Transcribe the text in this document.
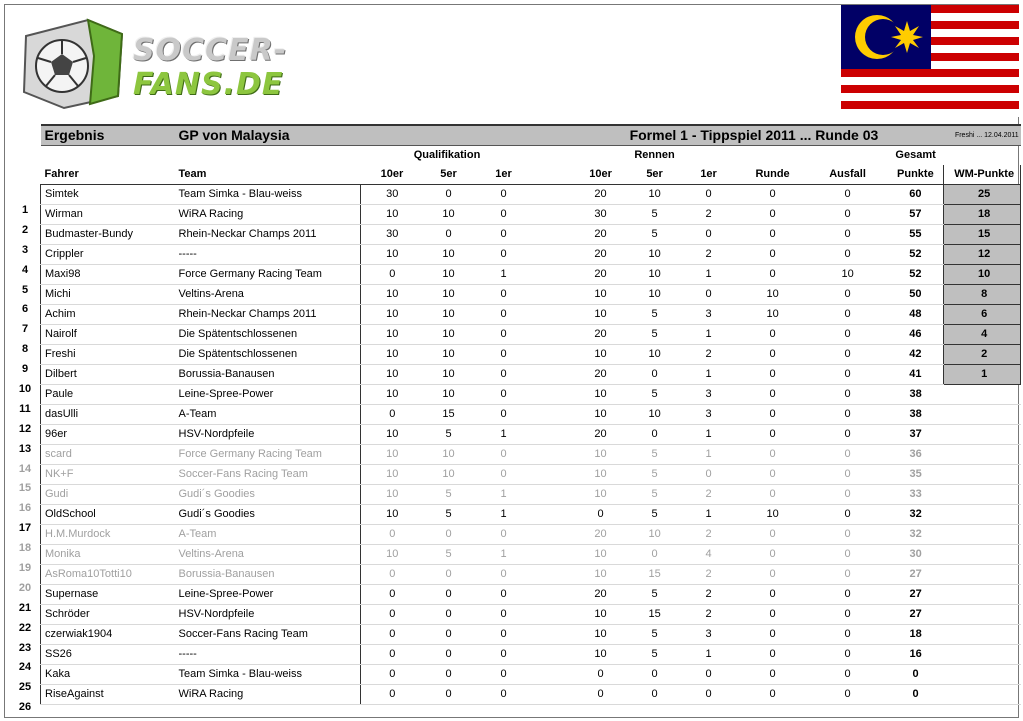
SOCCER-
FANS.DE
1
2
3
4
5
6
7
8
9
10
11
12
13
14
15
16
17
18
19
20
21
22
23
24
25
26
Ergebnis	GP von Malaysia						Formel 1 - Tippspiel 2011 ... Runde 03					Freshi ... 12.04.2011
		Qualifikation				Rennen					Gesamt	
Fahrer	Team	10er	5er	1er		10er	5er	1er	Runde	Ausfall	Punkte	WM-Punkte
Simtek	Team Simka - Blau-weiss	30	0	0		20	10	0	0	0	60	25
Wirman	WiRA Racing	10	10	0		30	5	2	0	0	57	18
Budmaster-Bundy	Rhein-Neckar Champs 2011	30	0	0		20	5	0	0	0	55	15
Crippler	-----	10	10	0		20	10	2	0	0	52	12
Maxi98	Force Germany Racing Team	0	10	1		20	10	1	0	10	52	10
Michi	Veltins-Arena	10	10	0		10	10	0	10	0	50	8
Achim	Rhein-Neckar Champs 2011	10	10	0		10	5	3	10	0	48	6
Nairolf	Die Spätentschlossenen	10	10	0		20	5	1	0	0	46	4
Freshi	Die Spätentschlossenen	10	10	0		10	10	2	0	0	42	2
Dilbert	Borussia-Banausen	10	10	0		20	0	1	0	0	41	1
Paule	Leine-Spree-Power	10	10	0		10	5	3	0	0	38	
dasUlli	A-Team	0	15	0		10	10	3	0	0	38	
96er	HSV-Nordpfeile	10	5	1		20	0	1	0	0	37	
scard	Force Germany Racing Team	10	10	0		10	5	1	0	0	36	
NK+F	Soccer-Fans Racing Team	10	10	0		10	5	0	0	0	35	
Gudi	Gudi´s Goodies	10	5	1		10	5	2	0	0	33	
OldSchool	Gudi´s Goodies	10	5	1		0	5	1	10	0	32	
H.M.Murdock	A-Team	0	0	0		20	10	2	0	0	32	
Monika	Veltins-Arena	10	5	1		10	0	4	0	0	30	
AsRoma10Totti10	Borussia-Banausen	0	0	0		10	15	2	0	0	27	
Supernase	Leine-Spree-Power	0	0	0		20	5	2	0	0	27	
Schröder	HSV-Nordpfeile	0	0	0		10	15	2	0	0	27	
czerwiak1904	Soccer-Fans Racing Team	0	0	0		10	5	3	0	0	18	
SS26	-----	0	0	0		10	5	1	0	0	16	
Kaka	Team Simka - Blau-weiss	0	0	0		0	0	0	0	0	0	
RiseAgainst	WiRA Racing	0	0	0		0	0	0	0	0	0	
